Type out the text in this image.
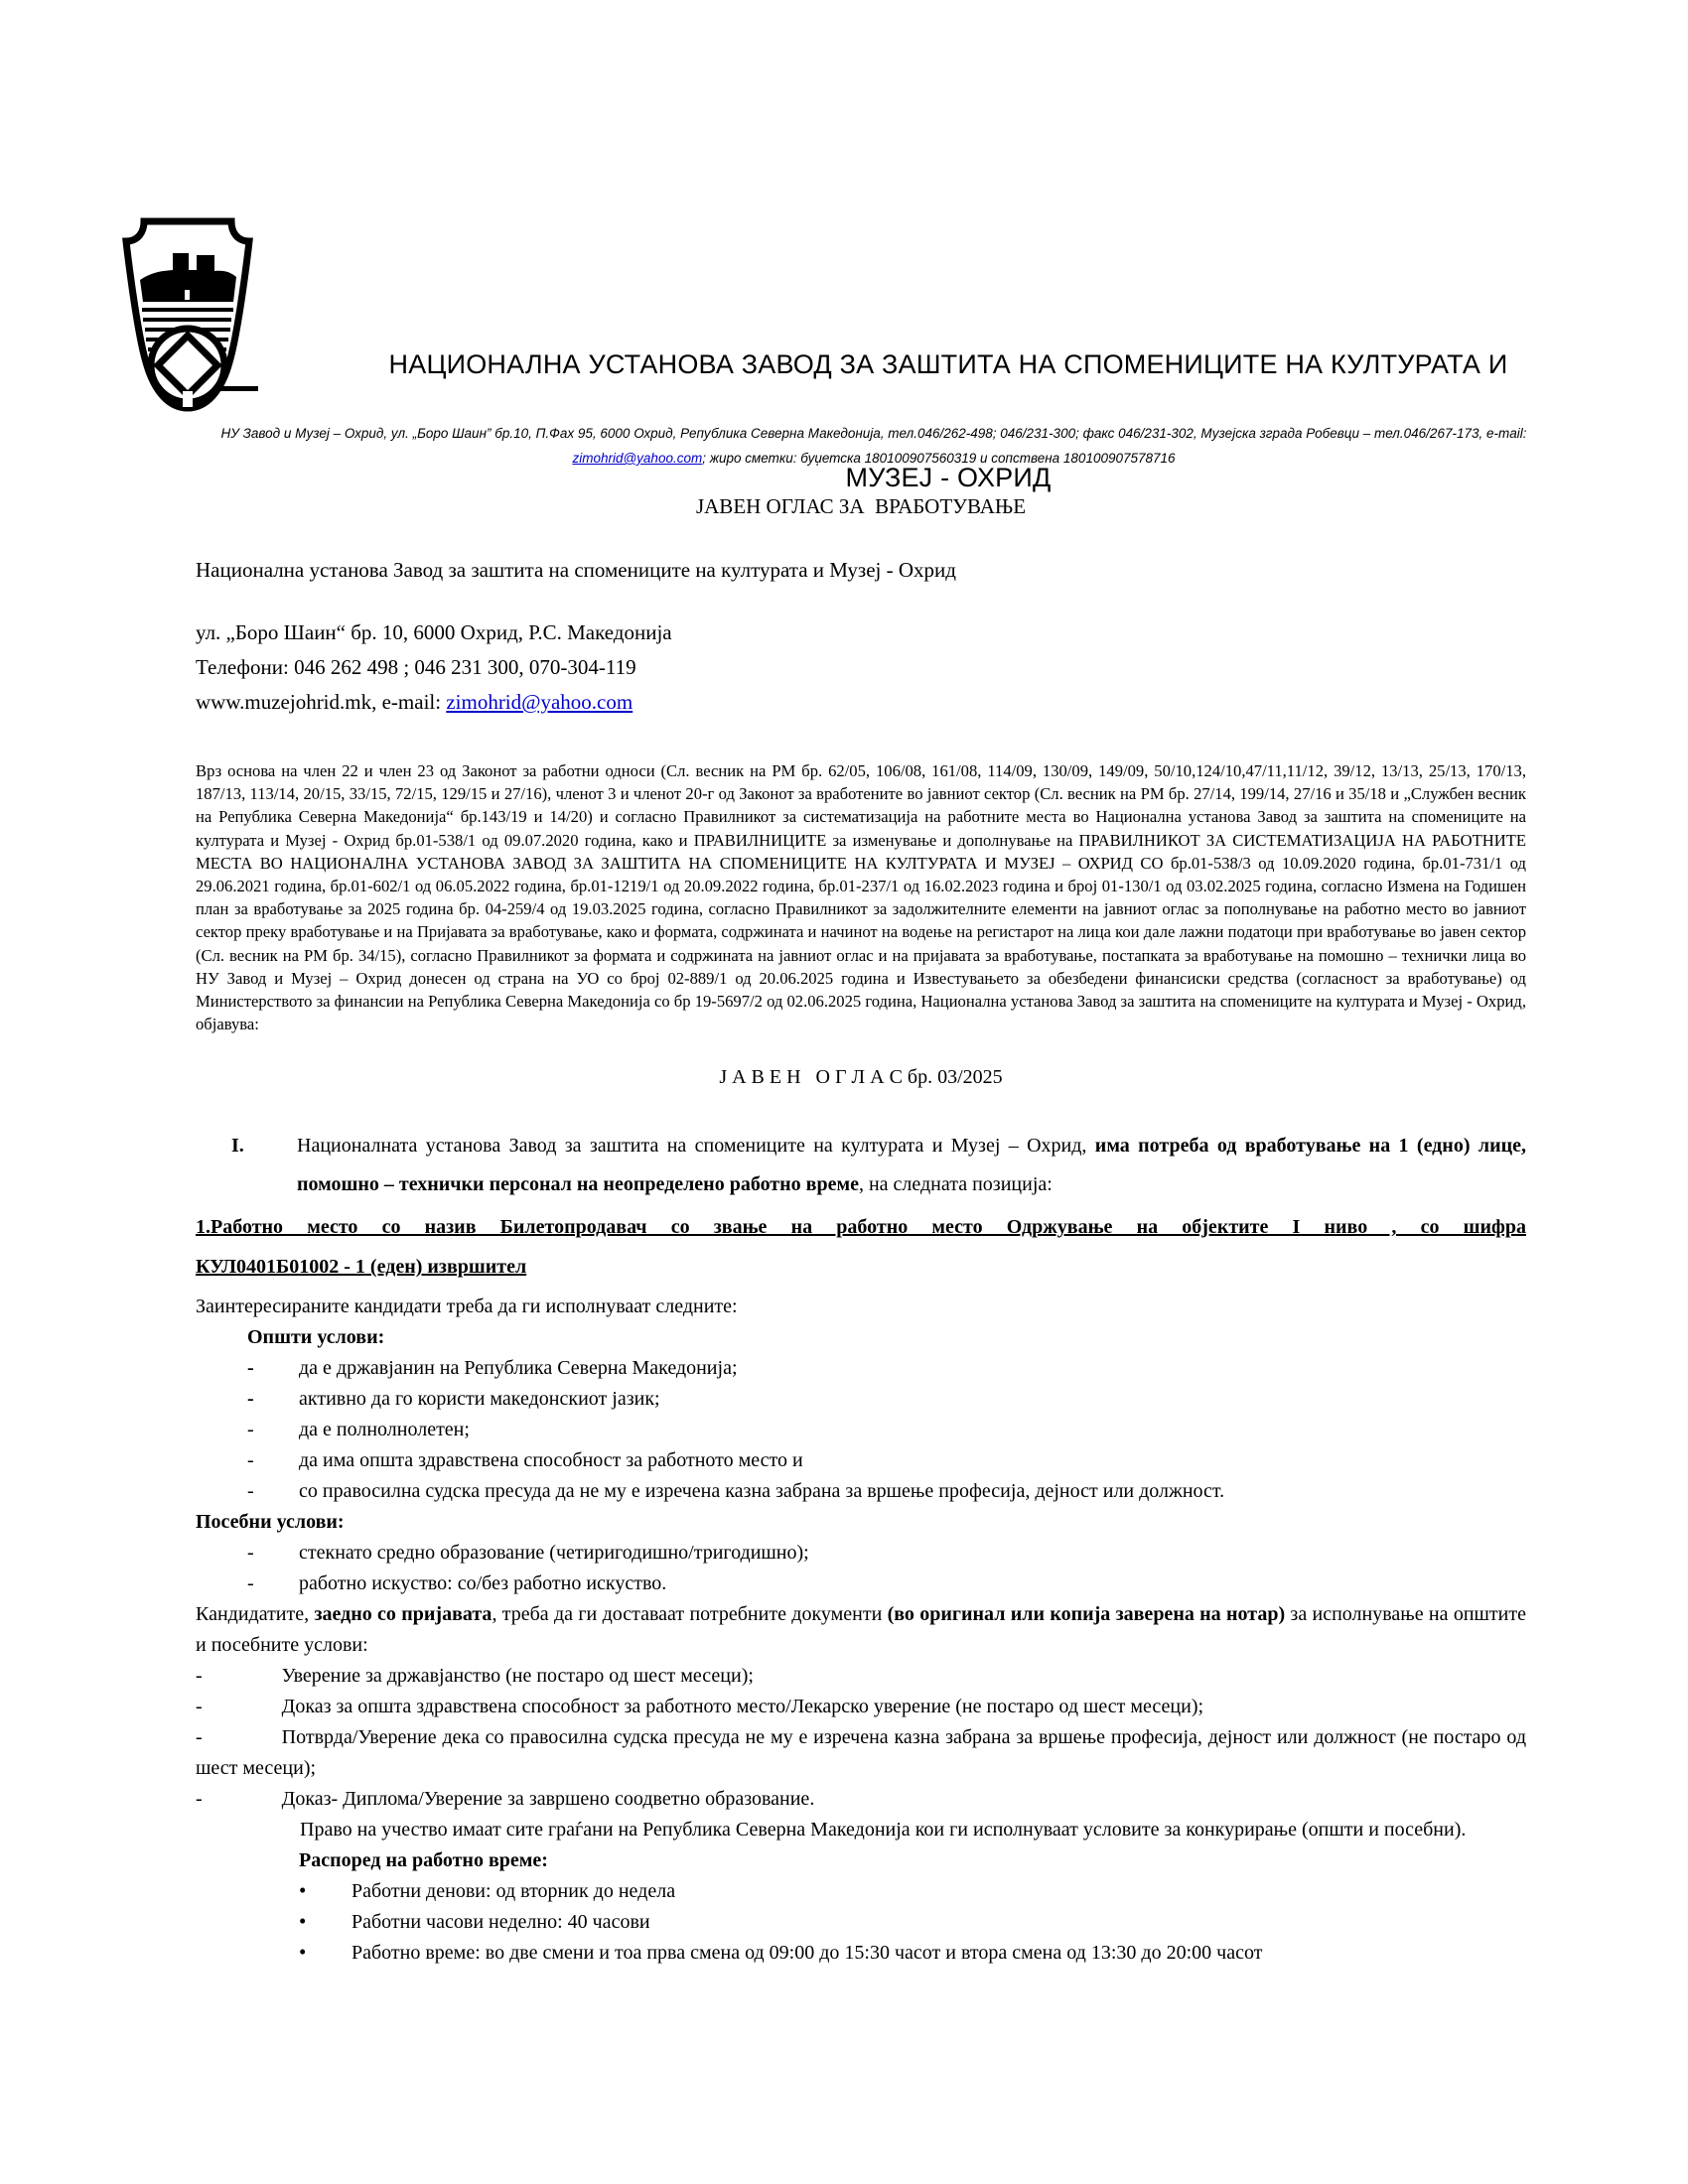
НАЦИОНАЛНА УСТАНОВА ЗАВОД ЗА ЗАШТИТА НА СПОМЕНИЦИТЕ НА КУЛТУРАТА И

МУЗЕЈ - ОХРИД

НУ Завод и Музеј – Охрид, ул. „Боро Шаин” бр.10, П.Фах 95, 6000 Охрид, Република Северна Македонија, тел.046/262-498; 046/231-300; факс 046/231-302, Музејска зграда Робевци – тел.046/267-173, e-mail: zimohrid@yahoo.com; жиро сметки: буџетска 180100907560319 и сопствена 180100907578716
ЈАВЕН ОГЛАС ЗА  ВРАБОТУВАЊЕ
Национална установа Завод за заштита на спомениците на културата и Музеј - Охрид
ул. „Боро Шаин“ бр. 10, 6000 Охрид, Р.С. Македонија
Телефони: 046 262 498 ; 046 231 300, 070-304-119
www.muzejohrid.mk, e-mail: zimohrid@yahoo.com
Врз основа на член 22 и член 23 од Законот за работни односи (Сл. весник на РМ бр. 62/05, 106/08, 161/08, 114/09, 130/09, 149/09, 50/10,124/10,47/11,11/12, 39/12, 13/13, 25/13, 170/13, 187/13, 113/14, 20/15, 33/15, 72/15, 129/15 и 27/16), членот 3 и членот 20-г од Законот за вработените во јавниот сектор (Сл. весник на РМ бр. 27/14, 199/14, 27/16 и 35/18 и „Службен весник на Република Северна Македонија“ бр.143/19 и 14/20) и согласно Правилникот за систематизација на работните места во Национална установа Завод за заштита на спомениците на културата и Музеј - Охрид бр.01-538/1 од 09.07.2020 година, како и ПРАВИЛНИЦИТЕ за изменување и дополнување на ПРАВИЛНИКОТ ЗА СИСТЕМАТИЗАЦИЈА НА РАБОТНИТЕ МЕСТА ВО НАЦИОНАЛНА УСТАНОВА ЗАВОД ЗА ЗАШТИТА НА СПОМЕНИЦИТЕ НА КУЛТУРАТА И МУЗЕЈ – ОХРИД СО бр.01-538/3 од 10.09.2020 година, бр.01-731/1 од 29.06.2021 година, бр.01-602/1 од 06.05.2022 година, бр.01-1219/1 од 20.09.2022 година, бр.01-237/1 од 16.02.2023 година и број 01-130/1 од 03.02.2025 година, согласно Измена на Годишен план за вработување за 2025 година бр. 04-259/4 од 19.03.2025 година, согласно Правилникот за задолжителните елементи на јавниот оглас за пополнување на работно место во јавниот сектор преку вработување и на Пријавата за вработување, како и формата, содржината и начинот на водење на регистарот на лица кои дале лажни податоци при вработување во јавен сектор (Сл. весник на РМ бр. 34/15), согласно Правилникот за формата и содржината на јавниот оглас и на пријавата за вработување, постапката за вработување на помошно – технички лица во НУ Завод и Музеј – Охрид донесен од страна на УО со број 02-889/1 од 20.06.2025 година и Известувањето за обезбедени финансиски средства (согласност за вработување) од Министерството за финансии на Република Северна Македонија со бр 19-5697/2 од 02.06.2025 година, Национална установа Завод за заштита на спомениците на културата и Музеј - Охрид, објавува:
Ј А В Е Н   О Г Л А С бр. 03/2025
I.	Националната установа Завод за заштита на спомениците на културата и Музеј – Охрид, има потреба од вработување на 1 (едно) лице, помошно – технички персонал на неопределено работно време, на следната позиција:
1.Работно место со назив Билетопродавач со звање на работно место Одржување на објектите I ниво , со шифра
КУЛ0401Б01002 - 1 (еден) извршител
Заинтересираните кандидати треба да ги исполнуваат следните:
Општи услови:
- да е државјанин на Република Северна Македонија;
- активно да го користи македонскиот јазик;
- да е полнолнолетен;
- да има општа здравствена способност за работното место и
- со правосилна судска пресуда да не му е изречена казна забрана за вршење професија, дејност или должност.
Посебни услови:
- стекнато средно образование (четиригодишно/тригодишно);
- работно искуство: со/без работно искуство.
Кандидатите, заедно со пријавата, треба да ги доставаат потребните документи (во оригинал или копија заверена на нотар) за исполнување на општите и посебните услови:
-	Уверение за државјанство (не постаро од шест месеци);
-	Доказ за општа здравствена способност за работното место/Лекарско уверение (не постаро од шест месеци);
-	Потврда/Уверение дека со правосилна судска пресуда не му е изречена казна забрана за вршење професија, дејност или должност (не постаро од шест месеци);
-	Доказ- Диплома/Уверение за завршено соодветно образование.
Право на учество имаат сите граѓани на Република Северна Македонија кои ги исполнуваат условите за конкурирање (општи и посебни).
Распоред на работно време:
• Работни денови: од вторник до недела
• Работни часови неделно: 40 часови
• Работно време: во две смени и тоа прва смена од 09:00 до 15:30 часот и втора смена од 13:30 до 20:00 часот
